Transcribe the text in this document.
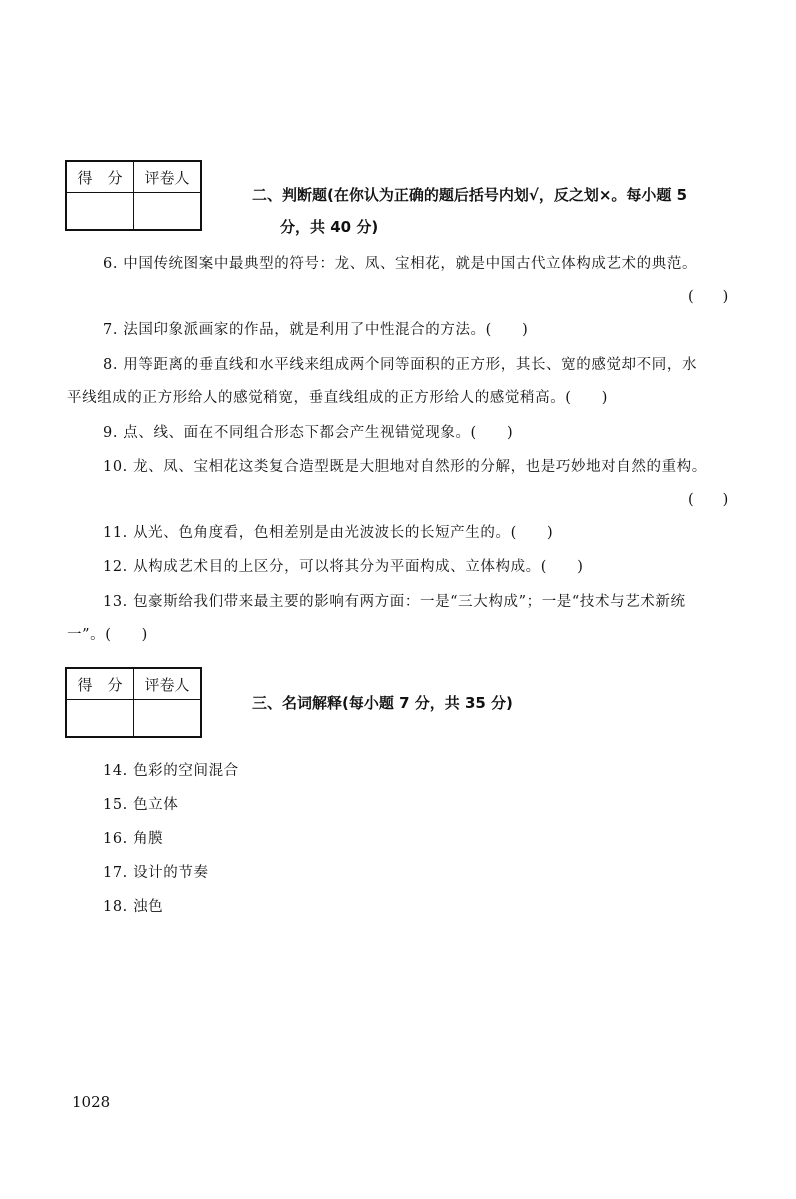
得　分	评卷人

二、判断题(在你认为正确的题后括号内划√，反之划×。每小题 5
分，共 40 分)
6. 中国传统图案中最典型的符号：龙、凤、宝相花，就是中国古代立体构成艺术的典范。
(　　)
7. 法国印象派画家的作品，就是利用了中性混合的方法。(　　)
8. 用等距离的垂直线和水平线来组成两个同等面积的正方形，其长、宽的感觉却不同，水
平线组成的正方形给人的感觉稍宽，垂直线组成的正方形给人的感觉稍高。(　　)
9. 点、线、面在不同组合形态下都会产生视错觉现象。(　　)
10. 龙、凤、宝相花这类复合造型既是大胆地对自然形的分解，也是巧妙地对自然的重构。
(　　)
11. 从光、色角度看，色相差别是由光波波长的长短产生的。(　　)
12. 从构成艺术目的上区分，可以将其分为平面构成、立体构成。(　　)
13. 包豪斯给我们带来最主要的影响有两方面：一是“三大构成”；一是“技术与艺术新统
一”。(　　)
得　分	评卷人

三、名词解释(每小题 7 分，共 35 分)
14. 色彩的空间混合
15. 色立体
16. 角膜
17. 设计的节奏
18. 浊色
1028
